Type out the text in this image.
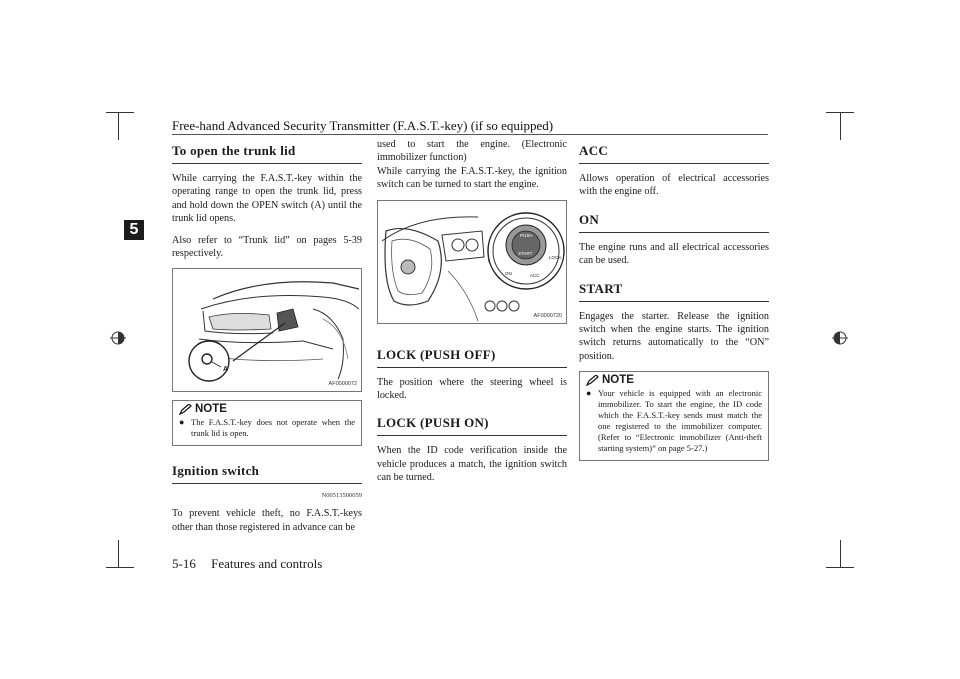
Free-hand Advanced Security Transmitter (F.A.S.T.-key) (if so equipped)
5
To open the trunk lid

While carrying the F.A.S.T.-key within the operating range to open the trunk lid, press and hold down the OPEN switch (A) until the trunk lid opens.

Also refer to “Trunk lid” on pages 5-39 respectively.

A
AF0000072
NOTE
● The F.A.S.T.-key does not operate when the trunk lid is open.
Ignition switch
N00513500059

To prevent vehicle theft, no F.A.S.T.-keys other than those registered in advance can be

used to start the engine. (Electronic immobilizer function)

While carrying the F.A.S.T.-key, the ignition switch can be turned to start the engine.

PUSH
START
ON	ACC
LOCK
AF0000720
LOCK (PUSH OFF)

The position where the steering wheel is locked.

LOCK (PUSH ON)

When the ID code verification inside the vehicle produces a match, the ignition switch can be turned.

ACC

Allows operation of electrical accessories with the engine off.

ON

The engine runs and all electrical accessories can be used.

START

Engages the starter. Release the ignition switch when the engine starts. The ignition switch returns automatically to the “ON” position.

NOTE
● Your vehicle is equipped with an electronic immobilizer. To start the engine, the ID code which the F.A.S.T.-key sends must match the one registered to the immobilizer computer. (Refer to “Electronic immobilizer (Anti-theft starting system)” on page 5-27.)
5-16 Features and controls
